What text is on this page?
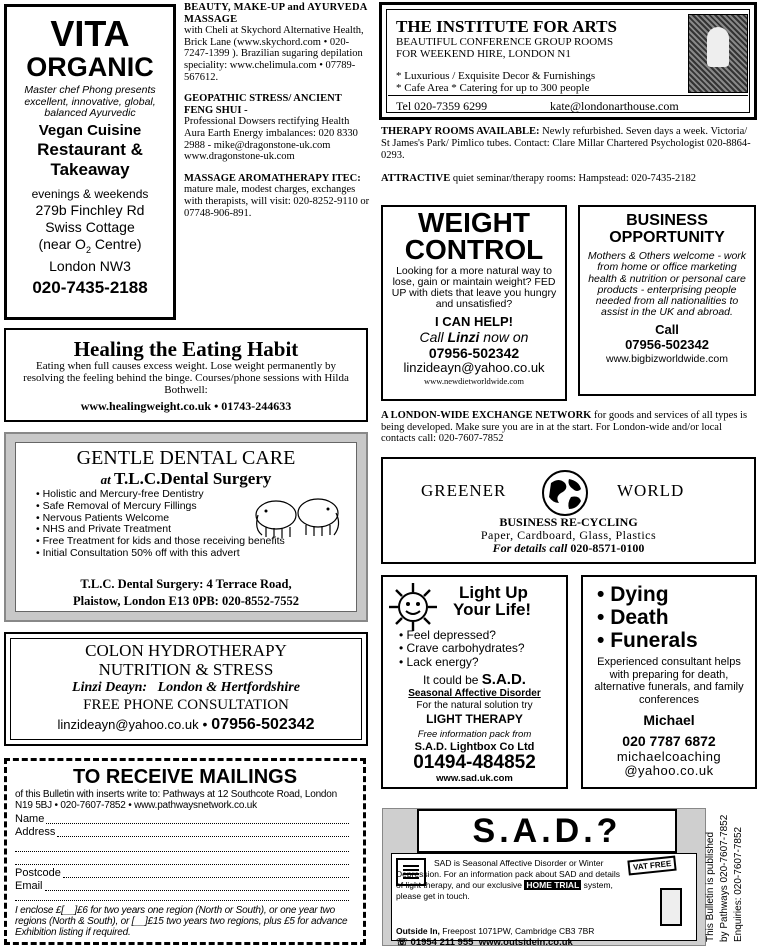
VITA
ORGANIC
Master chef Phong presents excellent, innovative, global, balanced Ayurvedic
Vegan Cuisine
Restaurant &
Takeaway
evenings & weekends
279b Finchley Rd
Swiss Cottage
(near $O_2$ Centre)
London NW3
020-7435-2188
BEAUTY, MAKE-UP and AYURVEDA MASSAGE
with Cheli at Skychord Alternative Health, Brick Lane (www.skychord.com • 020-7247-1399 ). Brazilian sugaring depilation speciality: www.chelimula.com • 07789-567612.
GEOPATHIC STRESS/ ANCIENT FENG SHUI -
Professional Dowsers rectifying Health Aura Earth Energy imbalances: 020 8330 2988 - mike@dragonstone-uk.com www.dragonstone-uk.com
MASSAGE AROMATHERAPY ITEC:
mature male, modest charges, exchanges with therapists, will visit: 020-8252-9110 or 07748-906-891.
THE INSTITUTE FOR ARTS
BEAUTIFUL CONFERENCE GROUP ROOMS
FOR WEEKEND HIRE, LONDON N1
* Luxurious / Exquisite Decor & Furnishings
* Cafe Area * Catering for up to 300 people
Tel 020-7359 6299	kate@londonarthouse.com
THERAPY ROOMS AVAILABLE: Newly refurbished. Seven days a week. Victoria/ St James's Park/ Pimlico tubes. Contact: Clare Millar Chartered Psychologist 020-8864-0293.
ATTRACTIVE quiet seminar/therapy rooms: Hampstead: 020-7435-2182
Healing the Eating Habit
Eating when full causes excess weight. Lose weight permanently by resolving the feeling behind the binge. Courses/phone sessions with Hilda Bothwell:
www.healingweight.co.uk • 01743-244633
WEIGHT
CONTROL
Looking for a more natural way to lose, gain or maintain weight? FED UP with diets that leave you hungry and unsatisfied?
I CAN HELP!
Call Linzi now on
07956-502342
linzideayn@yahoo.co.uk
www.newdietworldwide.com
BUSINESS
OPPORTUNITY
Mothers & Others welcome - work from home or office marketing health & nutrition or personal care products - enterprising people needed from all nationalities to assist in the UK and abroad.
Call
07956-502342
www.bigbizworldwide.com
A LONDON-WIDE EXCHANGE NETWORK for goods and services of all types is being developed. Make sure you are in at the start. For London-wide and/or local contacts call: 020-7607-7852
GENTLE DENTAL CARE
at T.L.C.Dental Surgery
• Holistic and Mercury-free Dentistry
• Safe Removal of Mercury Fillings
• Nervous Patients Welcome
• NHS and Private Treatment
• Free Treatment for kids and those receiving benefits
• Initial Consultation 50% off with this advert
T.L.C. Dental Surgery: 4 Terrace Road,
Plaistow, London E13 0PB: 020-8552-7552
GREENER	WORLD
BUSINESS RE-CYCLING
Paper, Cardboard, Glass, Plastics
For details call 020-8571-0100
COLON HYDROTHERAPY
NUTRITION & STRESS
Linzi Deayn:   London & Hertfordshire
FREE PHONE CONSULTATION
linzideayn@yahoo.co.uk • 07956-502342
Light Up
Your Life!
• Feel depressed?
• Crave carbohydrates?
• Lack energy?
It could be S.A.D.
Seasonal Affective Disorder
For the natural solution try
LIGHT THERAPY
Free information pack from
S.A.D. Lightbox Co Ltd
01494-484852
www.sad.uk.com
• Dying
• Death
• Funerals
Experienced consultant helps with preparing for death, alternative funerals, and family conferences
Michael
020 7787 6872
michaelcoaching @yahoo.co.uk
TO RECEIVE MAILINGS
of this Bulletin with inserts write to: Pathways at 12 Southcote Road, London N19 5BJ • 020-7607-7852 • www.pathwaysnetwork.co.uk
Name
Address
Postcode
Email
I enclose £[__]£6 for two years one region (North or South), or one year two regions (North & South), or [__]£15 two years two regions, plus £5 for advance Exhibition listing if required.
S.A.D.?
SAD is Seasonal Affective Disorder or Winter Depression. For an information pack about SAD and details of light therapy, and our exclusive HOME TRIAL system, please get in touch.
VAT FREE
Outside In, Freepost 1071PW, Cambridge CB3 7BR
☏ 01954 211 955 www.outsidein.co.uk
This Bulletin is published by Pathways 020-7607-7852 Enquiries: 020-7607-7852
